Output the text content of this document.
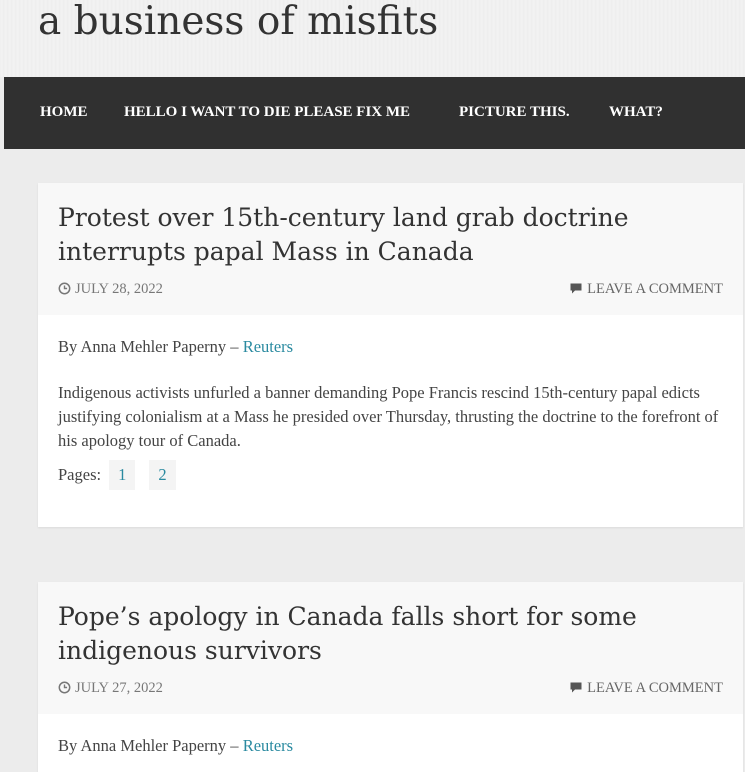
a business of misfits
HOME HELLO I WANT TO DIE PLEASE FIX ME	PICTURE THIS.	WHAT?
Protest over 15th-century land grab doctrine interrupts papal Mass in Canada
JULY 28, 2022	LEAVE A COMMENT
By Anna Mehler Paperny – Reuters

Indigenous activists unfurled a banner demanding Pope Francis rescind 15th-century papal edicts justifying colonialism at a Mass he presided over Thursday, thrusting the doctrine to the forefront of his apology tour of Canada.

Pages: 1 2
Pope’s apology in Canada falls short for some indigenous survivors
JULY 27, 2022	LEAVE A COMMENT
By Anna Mehler Paperny – Reuters
